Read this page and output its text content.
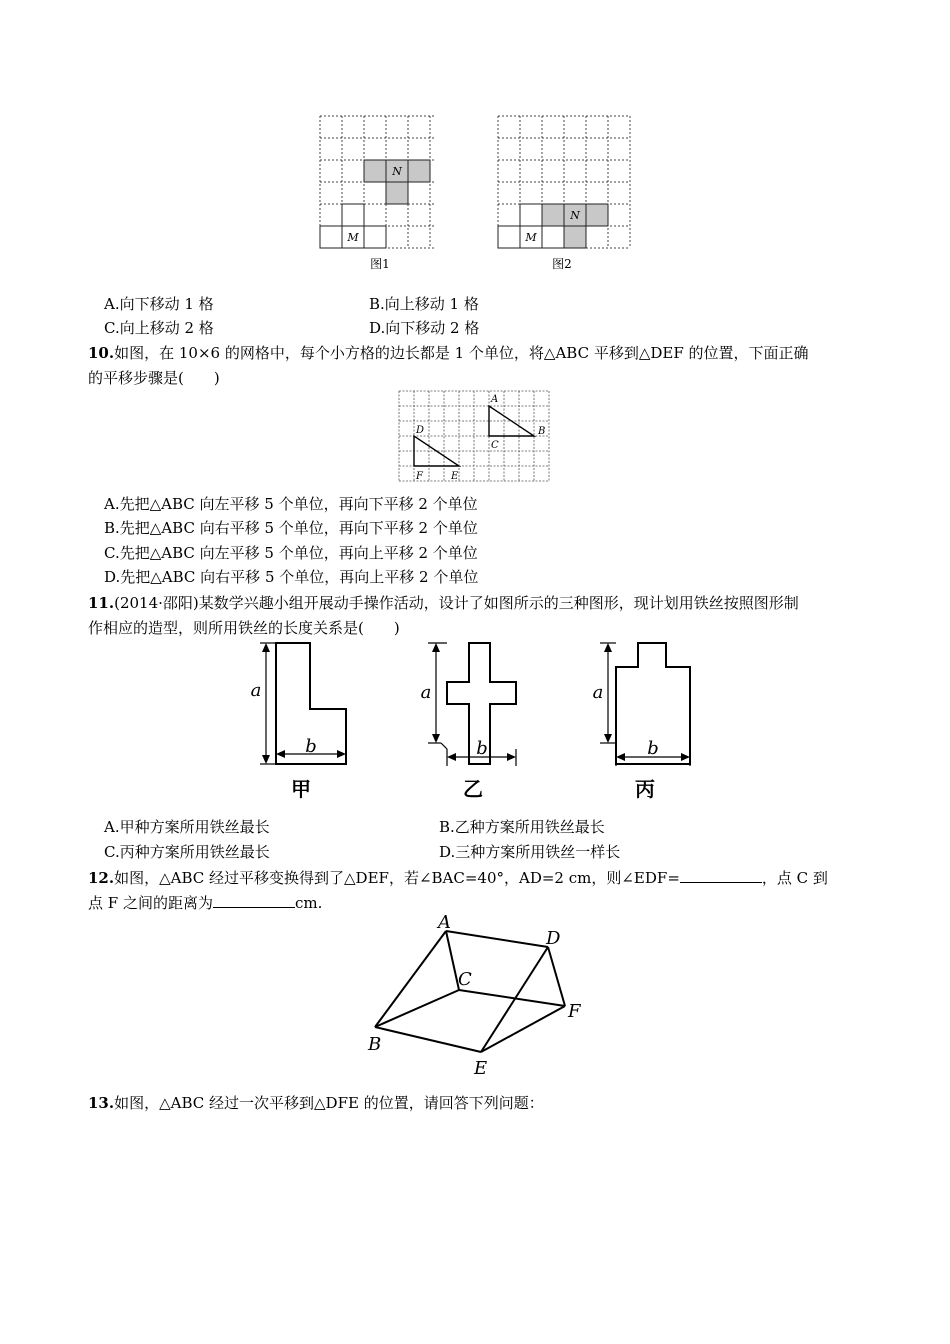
N
M
图1
N
M
图2
A.向下移动 1 格	B.向上移动 1 格
C.向上移动 2 格	D.向下移动 2 格
10.如图，在 10×6 的网格中，每个小方格的边长都是 1 个单位，将△ABC 平移到△DEF 的位置，下面正确
的平移步骤是(　　)
A
B
C
D
E
F
A.先把△ABC 向左平移 5 个单位，再向下平移 2 个单位
B.先把△ABC 向右平移 5 个单位，再向下平移 2 个单位
C.先把△ABC 向左平移 5 个单位，再向上平移 2 个单位
D.先把△ABC 向右平移 5 个单位，再向上平移 2 个单位
11.(2014·邵阳)某数学兴趣小组开展动手操作活动，设计了如图所示的三种图形，现计划用铁丝按照图形制
作相应的造型，则所用铁丝的长度关系是(　　)
a
b
a
b
a
b
甲	乙	丙
A.甲种方案所用铁丝最长	B.乙种方案所用铁丝最长
C.丙种方案所用铁丝最长	D.三种方案所用铁丝一样长
12.如图，△ABC 经过平移变换得到了△DEF，若∠BAC=40°，AD=2 cm，则∠EDF=	，点 C 到
点 F 之间的距离为	cm.
A
B
C
D
E
F
13.如图，△ABC 经过一次平移到△DFE 的位置，请回答下列问题：
